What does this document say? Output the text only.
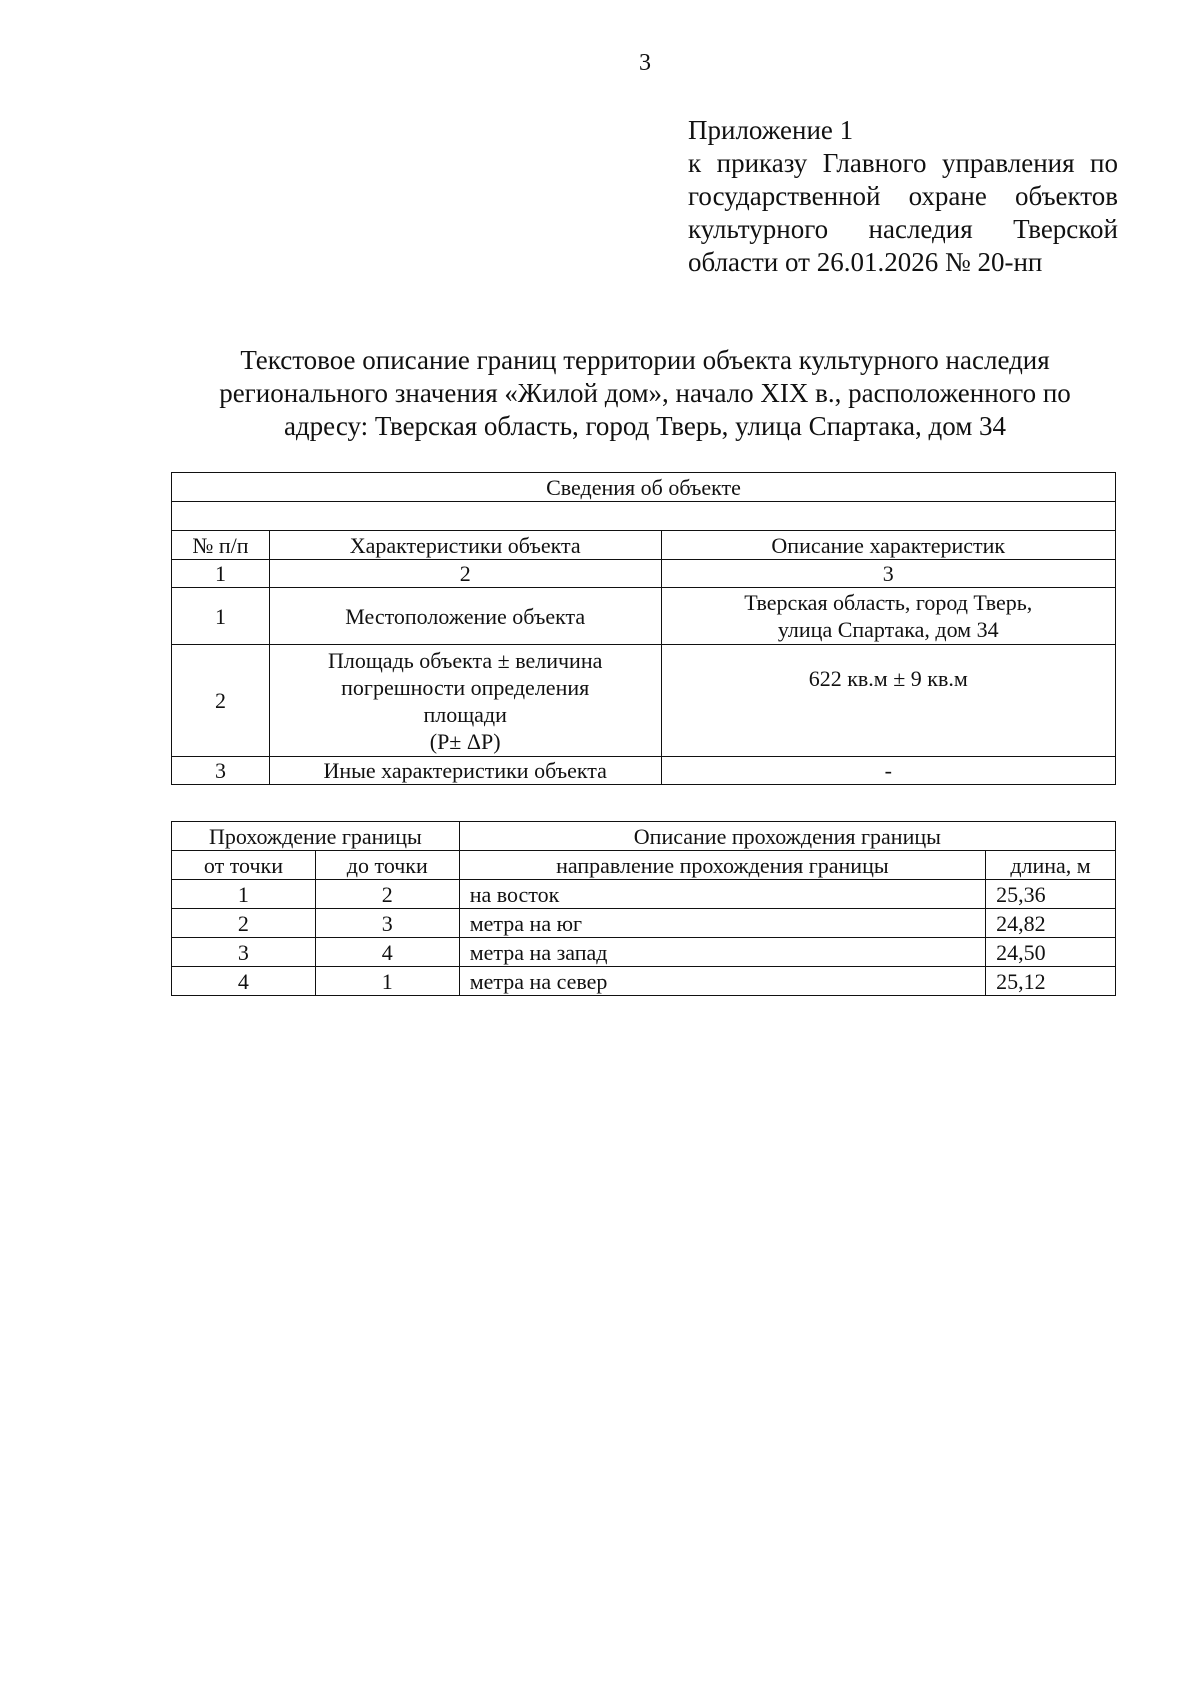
3
Приложение 1
к приказу Главного управления по
государственной охране объектов
культурного наследия Тверской
области от 26.01.2026 № 20-нп
Текстовое описание границ территории объекта культурного наследия
регионального значения «Жилой дом», начало XIX в., расположенного по
адресу: Тверская область, город Тверь, улица Спартака, дом 34
Сведения об объекте		

№ п/п	Характеристики объекта	Описание характеристик
1	2	3
1	Местоположение объекта	Тверская область, город Тверь,
улица Спартака, дом 34

2	Площадь объекта ± величина
погрешности определения
площади
(Р± ΔР)	622 кв.м ± 9 кв.м

3	Иные характеристики объекта	-
Прохождение границы		Описание прохождения границы	
от точки	до точки	направление прохождения границы	длина, м
1	2	на восток	25,36
2	3	метра на юг	24,82
3	4	метра на запад	24,50
4	1	метра на север	25,12
